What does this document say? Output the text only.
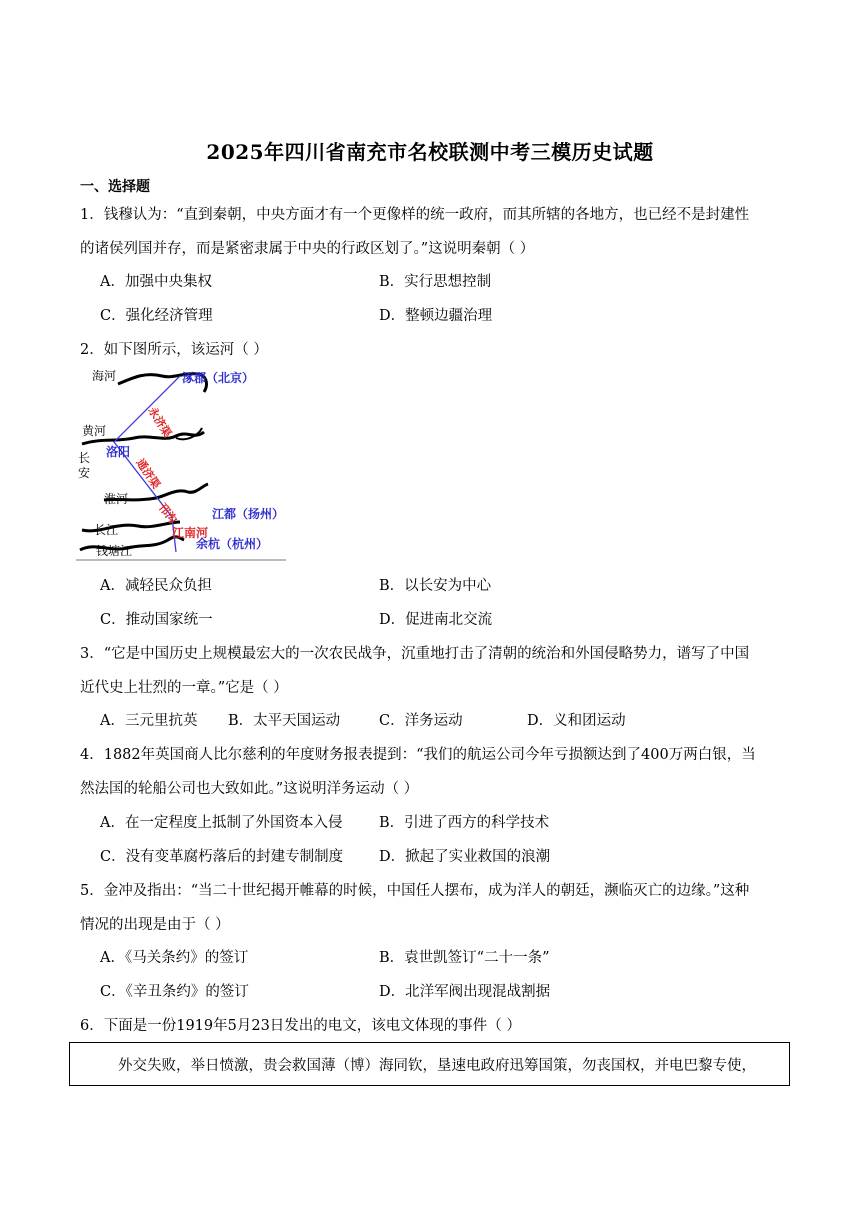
2025年四川省南充市名校联测中考三模历史试题
一、选择题
1．钱穆认为：“直到秦朝，中央方面才有一个更像样的统一政府，而其所辖的各地方，也已经不是封建性
的诸侯列国并存，而是紧密隶属于中央的行政区划了。”这说明秦朝（ ）
A．加强中央集权	B．实行思想控制
C．强化经济管理	D．整顿边疆治理
2．如下图所示，该运河（ ）
海河
黄河
长
安
淮河
长江
钱塘江
涿郡（北京）
洛阳
江都（扬州）
余杭（杭州）
永济渠
通济渠
邗沟
江南河
A．减轻民众负担	B．以长安为中心
C．推动国家统一	D．促进南北交流
3．“它是中国历史上规模最宏大的一次农民战争，沉重地打击了清朝的统治和外国侵略势力，谱写了中国
近代史上壮烈的一章。”它是（ ）
A．三元里抗英 B．太平天国运动	C．洋务运动	D．义和团运动
4．1882年英国商人比尔慈利的年度财务报表提到：“我们的航运公司今年亏损额达到了400万两白银，当
然法国的轮船公司也大致如此。”这说明洋务运动（ ）
A．在一定程度上抵制了外国资本入侵	B．引进了西方的科学技术
C．没有变革腐朽落后的封建专制制度 D．掀起了实业救国的浪潮
5．金冲及指出：“当二十世纪揭开帷幕的时候，中国任人摆布，成为洋人的朝廷，濒临灭亡的边缘。”这种
情况的出现是由于（ ）
A．《马关条约》的签订	B．袁世凯签订“二十一条”
C．《辛丑条约》的签订	D．北洋军阀出现混战割据
6．下面是一份1919年5月23日发出的电文，该电文体现的事件（ ）
外交失败，举日愤激，贵会救国薄（博）海同钦，垦速电政府迅筹国策，勿丧国权，并电巴黎专使，
